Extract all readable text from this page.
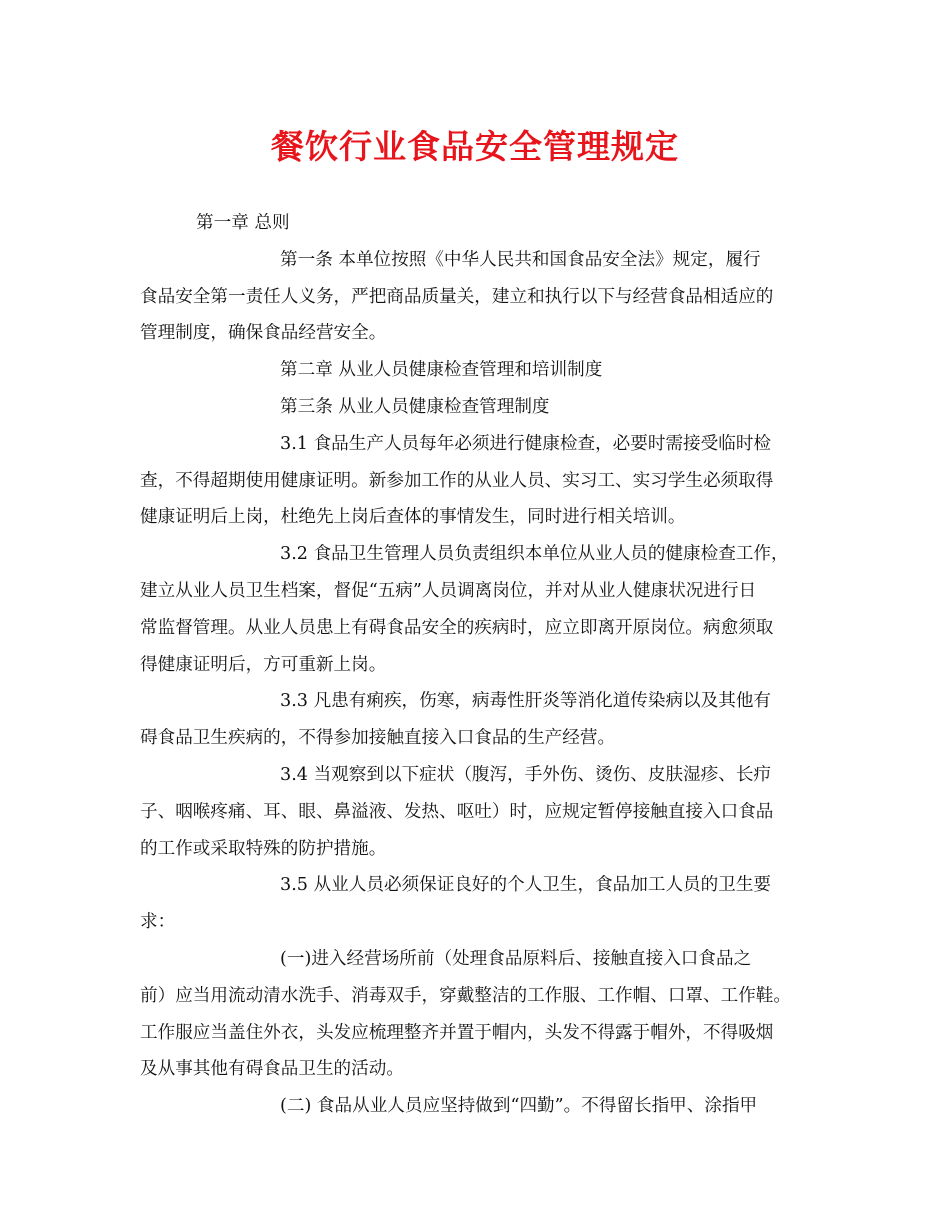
餐饮行业食品安全管理规定

第一章 总则

第一条 本单位按照《中华人民共和国食品安全法》规定，履行

食品安全第一责任人义务，严把商品质量关，建立和执行以下与经营食品相适应的

管理制度，确保食品经营安全。

第二章 从业人员健康检查管理和培训制度

第三条 从业人员健康检查管理制度

3.1 食品生产人员每年必须进行健康检查，必要时需接受临时检

查，不得超期使用健康证明。新参加工作的从业人员、实习工、实习学生必须取得

健康证明后上岗，杜绝先上岗后查体的事情发生，同时进行相关培训。

3.2 食品卫生管理人员负责组织本单位从业人员的健康检查工作，

建立从业人员卫生档案，督促“五病”人员调离岗位，并对从业人健康状况进行日

常监督管理。从业人员患上有碍食品安全的疾病时，应立即离开原岗位。病愈须取

得健康证明后，方可重新上岗。

3.3 凡患有痢疾，伤寒，病毒性肝炎等消化道传染病以及其他有

碍食品卫生疾病的，不得参加接触直接入口食品的生产经营。

3.4 当观察到以下症状（腹泻，手外伤、烫伤、皮肤湿疹、长疖

子、咽喉疼痛、耳、眼、鼻溢液、发热、呕吐）时，应规定暂停接触直接入口食品

的工作或采取特殊的防护措施。

3.5 从业人员必须保证良好的个人卫生，食品加工人员的卫生要

求：

(一)进入经营场所前（处理食品原料后、接触直接入口食品之

前）应当用流动清水洗手、消毒双手，穿戴整洁的工作服、工作帽、口罩、工作鞋。

工作服应当盖住外衣，头发应梳理整齐并置于帽内，头发不得露于帽外，不得吸烟

及从事其他有碍食品卫生的活动。

(二) 食品从业人员应坚持做到“四勤”。不得留长指甲、涂指甲
